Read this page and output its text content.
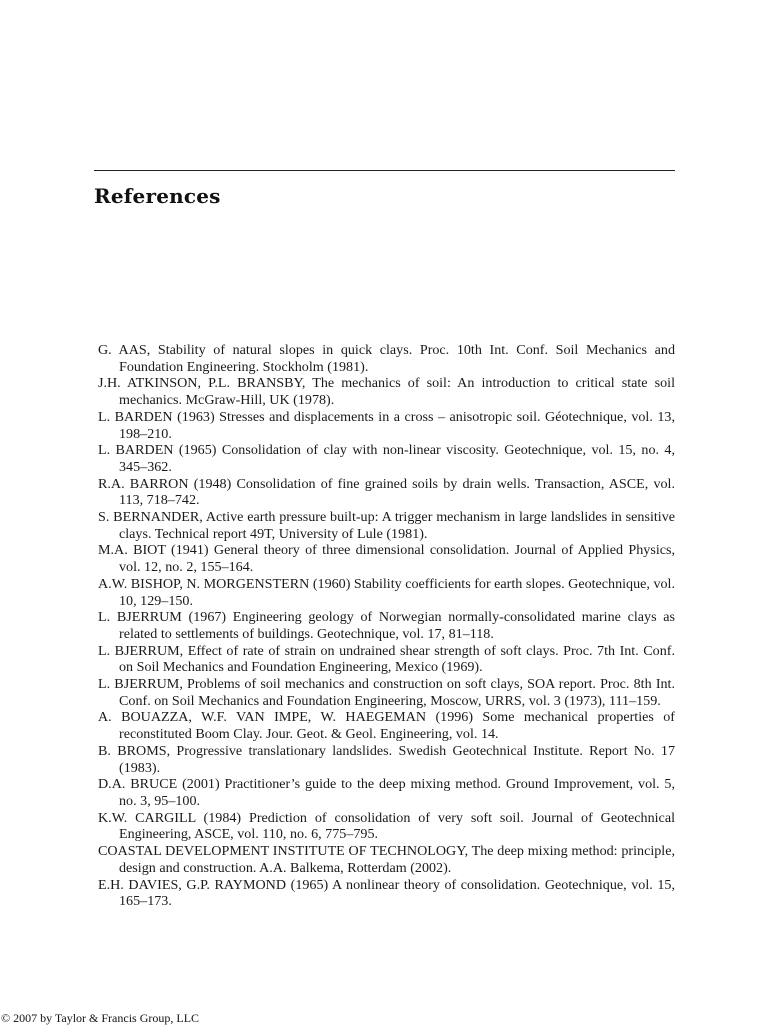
References
G. AAS, Stability of natural slopes in quick clays. Proc. 10th Int. Conf. Soil Mechanics and Foundation Engineering. Stockholm (1981).
J.H. ATKINSON, P.L. BRANSBY, The mechanics of soil: An introduction to critical state soil mechanics. McGraw-Hill, UK (1978).
L. BARDEN (1963) Stresses and displacements in a cross – anisotropic soil. Géotechnique, vol. 13, 198–210.
L. BARDEN (1965) Consolidation of clay with non-linear viscosity. Geotechnique, vol. 15, no. 4, 345–362.
R.A. BARRON (1948) Consolidation of fine grained soils by drain wells. Transaction, ASCE, vol. 113, 718–742.
S. BERNANDER, Active earth pressure built-up: A trigger mechanism in large landslides in sensitive clays. Technical report 49T, University of Lule (1981).
M.A. BIOT (1941) General theory of three dimensional consolidation. Journal of Applied Physics, vol. 12, no. 2, 155–164.
A.W. BISHOP, N. MORGENSTERN (1960) Stability coefficients for earth slopes. Geotechnique, vol. 10, 129–150.
L. BJERRUM (1967) Engineering geology of Norwegian normally-consolidated marine clays as related to settlements of buildings. Geotechnique, vol. 17, 81–118.
L. BJERRUM, Effect of rate of strain on undrained shear strength of soft clays. Proc. 7th Int. Conf. on Soil Mechanics and Foundation Engineering, Mexico (1969).
L. BJERRUM, Problems of soil mechanics and construction on soft clays, SOA report. Proc. 8th Int. Conf. on Soil Mechanics and Foundation Engineering, Moscow, URRS, vol. 3 (1973), 111–159.
A. BOUAZZA, W.F. VAN IMPE, W. HAEGEMAN (1996) Some mechanical properties of reconstituted Boom Clay. Jour. Geot. & Geol. Engineering, vol. 14.
B. BROMS, Progressive translationary landslides. Swedish Geotechnical Institute. Report No. 17 (1983).
D.A. BRUCE (2001) Practitioner’s guide to the deep mixing method. Ground Improvement, vol. 5, no. 3, 95–100.
K.W. CARGILL (1984) Prediction of consolidation of very soft soil. Journal of Geotechnical Engineering, ASCE, vol. 110, no. 6, 775–795.
COASTAL DEVELOPMENT INSTITUTE OF TECHNOLOGY, The deep mixing method: principle, design and construction. A.A. Balkema, Rotterdam (2002).
E.H. DAVIES, G.P. RAYMOND (1965) A nonlinear theory of consolidation. Geotechnique, vol. 15, 165–173.
© 2007 by Taylor & Francis Group, LLC
